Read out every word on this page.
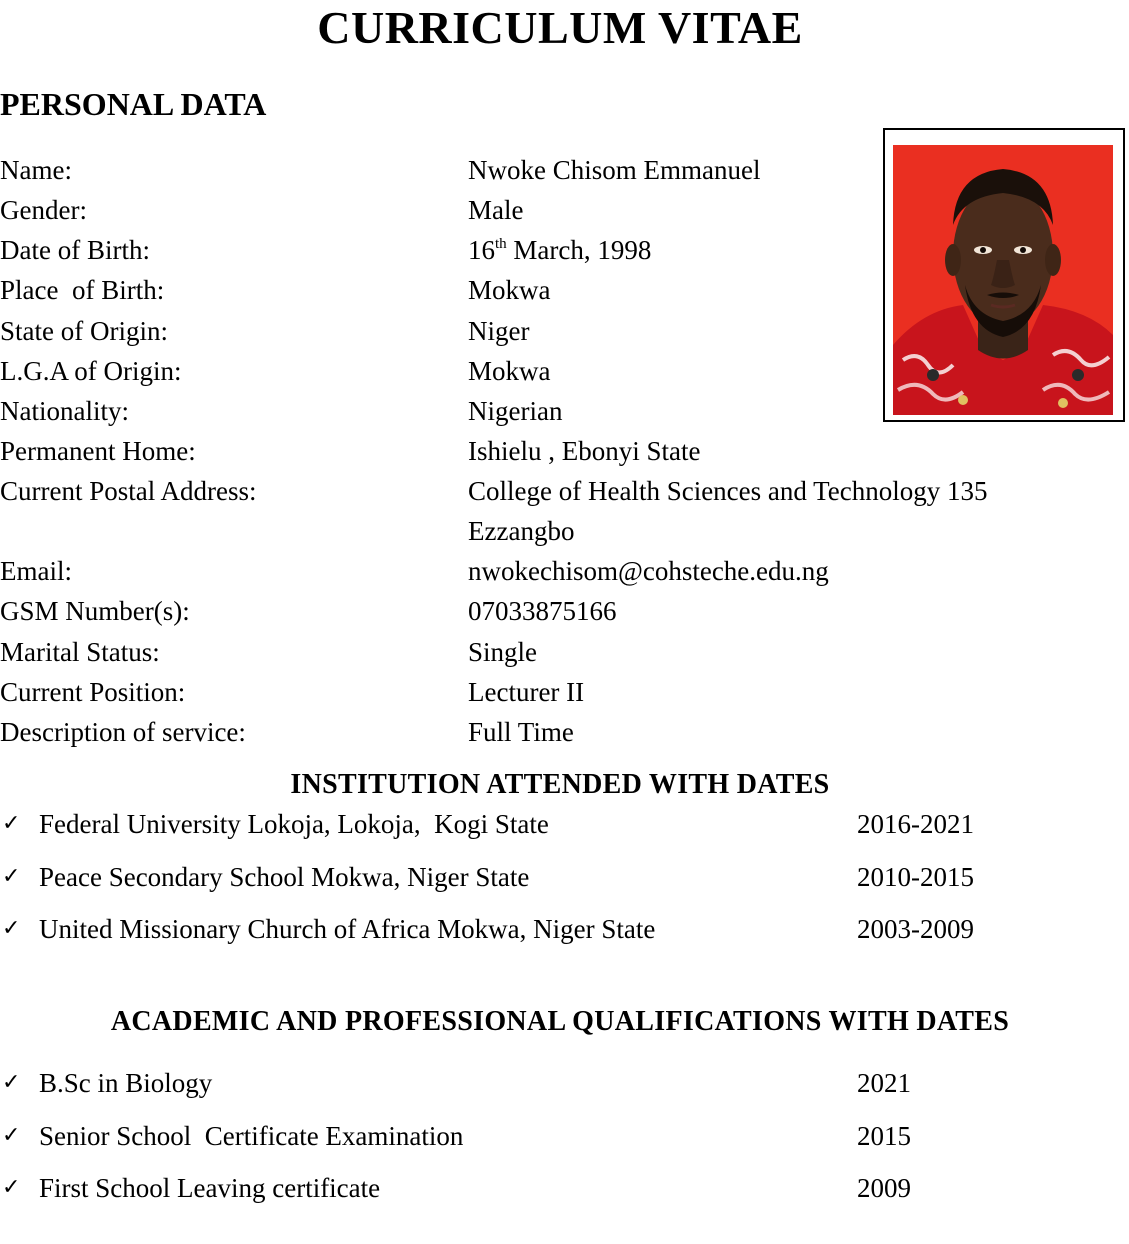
CURRICULUM VITAE
PERSONAL DATA
Name:	Nwoke Chisom Emmanuel
Gender:	Male
Date of Birth:	16th March, 1998
Place  of Birth:	Mokwa
State of Origin:	Niger
L.G.A of Origin:	Mokwa
Nationality:	Nigerian
Permanent Home:	Ishielu , Ebonyi State
Current Postal Address:	College of Health Sciences and Technology 135
Ezzangbo
Email:	nwokechisom@cohsteche.edu.ng
GSM Number(s):	07033875166
Marital Status:	Single
Current Position:	Lecturer II
Description of service:	Full Time
INSTITUTION ATTENDED WITH DATES
✓ Federal University Lokoja, Lokoja,  Kogi State	2016-2021
✓ Peace Secondary School Mokwa, Niger State	2010-2015
✓ United Missionary Church of Africa Mokwa, Niger State	2003-2009
ACADEMIC AND PROFESSIONAL QUALIFICATIONS WITH DATES
✓ B.Sc in Biology	2021
✓ Senior School  Certificate Examination	2015
✓ First School Leaving certificate	2009
